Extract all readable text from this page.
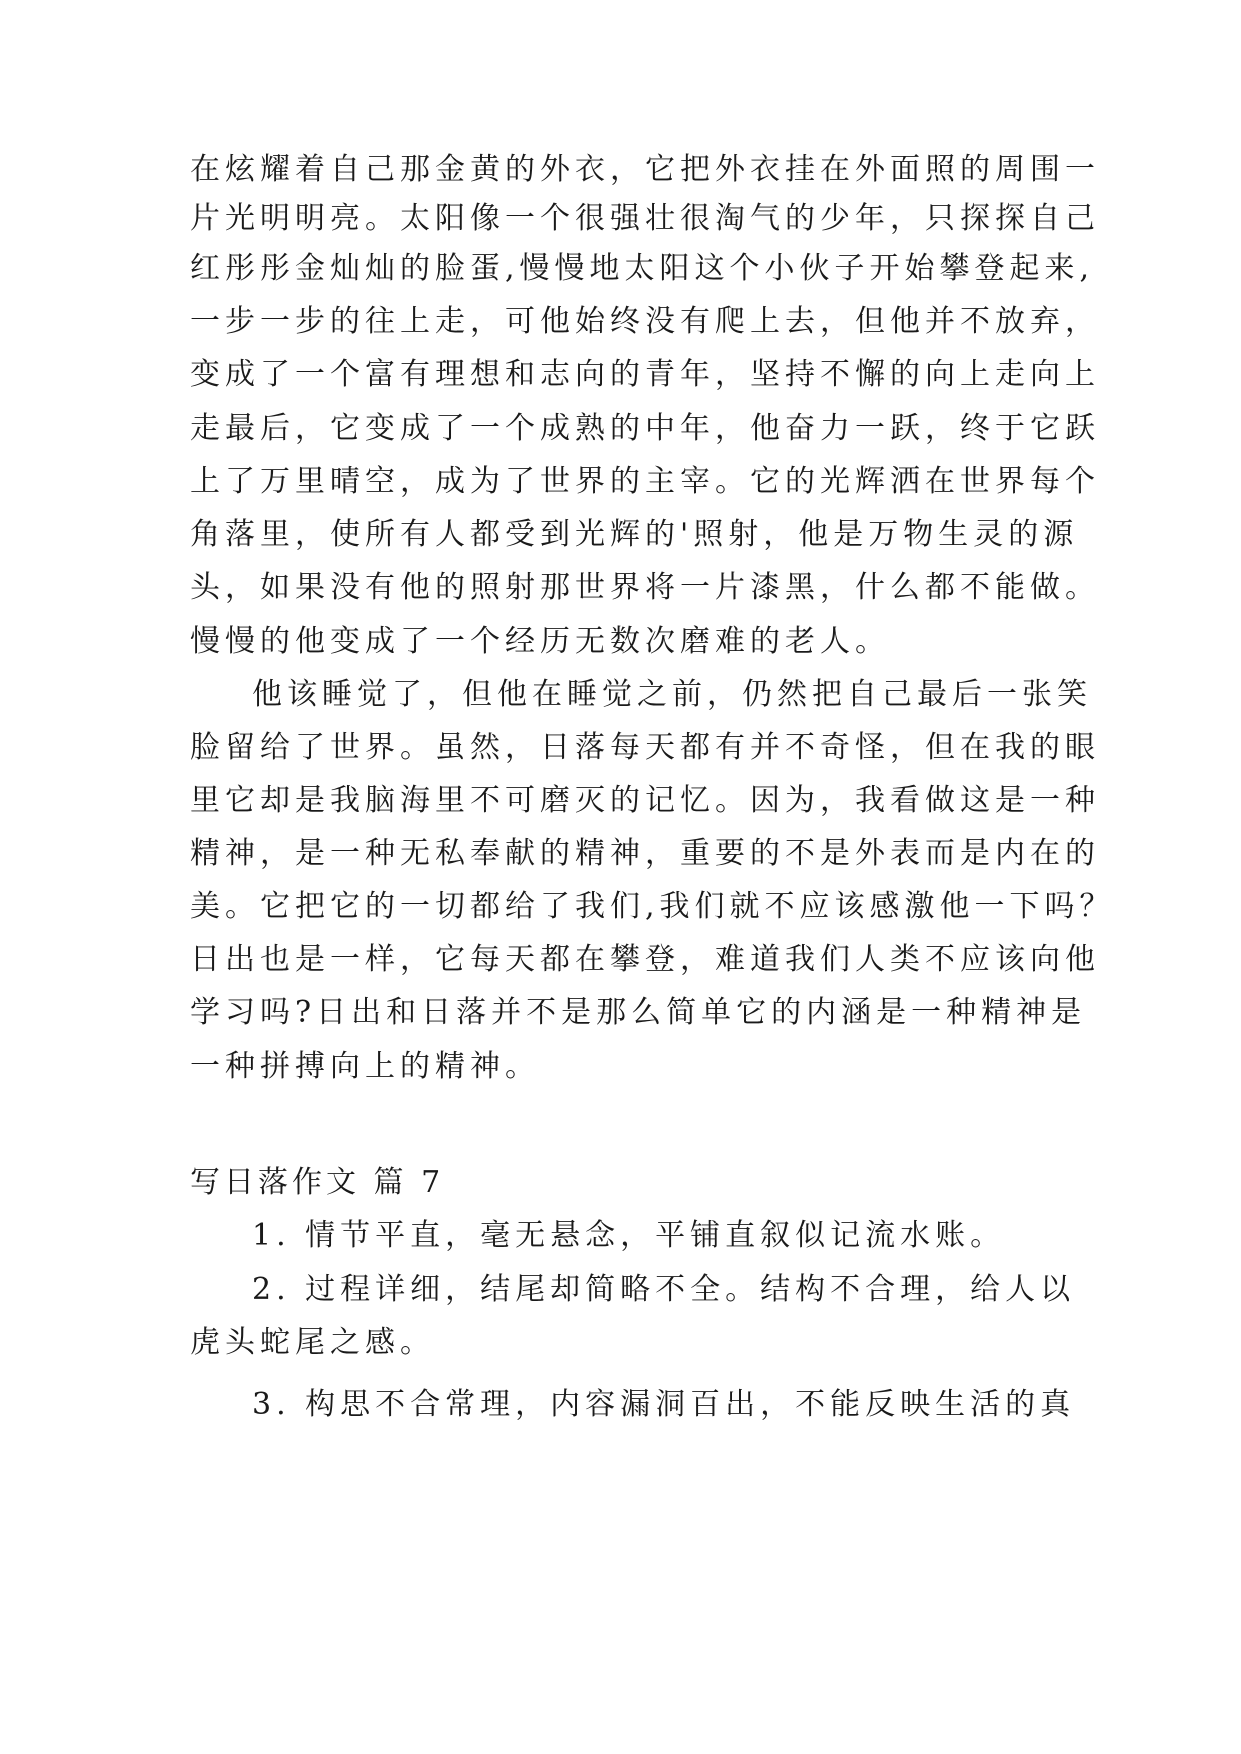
在炫耀着自己那金黄的外衣，它把外衣挂在外面照的周围一

片光明明亮。太阳像一个很强壮很淘气的少年，只探探自己

红彤彤金灿灿的脸蛋,慢慢地太阳这个小伙子开始攀登起来,

一步一步的往上走，可他始终没有爬上去，但他并不放弃，

变成了一个富有理想和志向的青年，坚持不懈的向上走向上

走最后，它变成了一个成熟的中年，他奋力一跃，终于它跃

上了万里晴空，成为了世界的主宰。它的光辉洒在世界每个

角落里，使所有人都受到光辉的'照射，他是万物生灵的源

头，如果没有他的照射那世界将一片漆黑，什么都不能做。

慢慢的他变成了一个经历无数次磨难的老人。

他该睡觉了，但他在睡觉之前，仍然把自己最后一张笑

脸留给了世界。虽然，日落每天都有并不奇怪，但在我的眼

里它却是我脑海里不可磨灭的记忆。因为，我看做这是一种

精神，是一种无私奉献的精神，重要的不是外表而是内在的

美。它把它的一切都给了我们,我们就不应该感激他一下吗？

日出也是一样，它每天都在攀登，难道我们人类不应该向他

学习吗?日出和日落并不是那么简单它的内涵是一种精神是

一种拼搏向上的精神。

写日落作文 篇 7

1. 情节平直，毫无悬念，平铺直叙似记流水账。

2. 过程详细，结尾却简略不全。结构不合理，给人以

虎头蛇尾之感。

3. 构思不合常理，内容漏洞百出，不能反映生活的真
